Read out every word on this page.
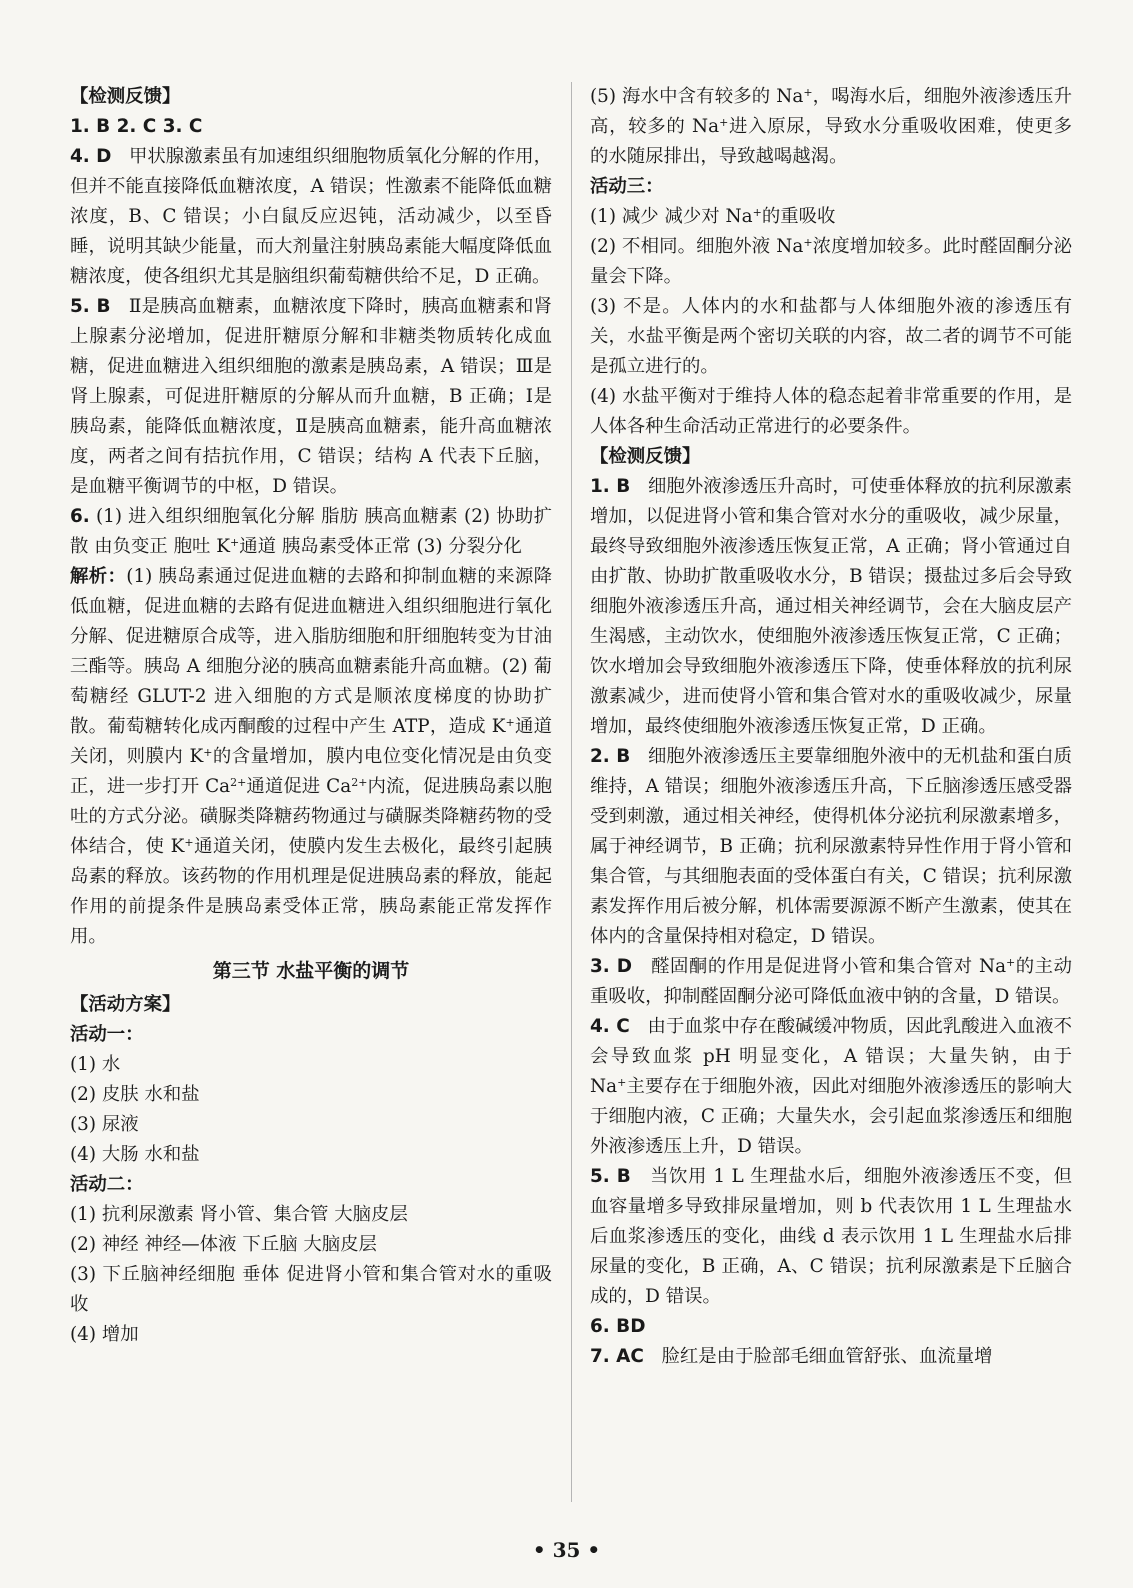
【检测反馈】

1. B 2. C 3. C

4. D 甲状腺激素虽有加速组织细胞物质氧化分解的作用，但并不能直接降低血糖浓度，A 错误；性激素不能降低血糖浓度，B、C 错误；小白鼠反应迟钝，活动减少，以至昏睡，说明其缺少能量，而大剂量注射胰岛素能大幅度降低血糖浓度，使各组织尤其是脑组织葡萄糖供给不足，D 正确。

5. B Ⅱ是胰高血糖素，血糖浓度下降时，胰高血糖素和肾上腺素分泌增加，促进肝糖原分解和非糖类物质转化成血糖，促进血糖进入组织细胞的激素是胰岛素，A 错误；Ⅲ是肾上腺素，可促进肝糖原的分解从而升血糖，B 正确；Ⅰ是胰岛素，能降低血糖浓度，Ⅱ是胰高血糖素，能升高血糖浓度，两者之间有拮抗作用，C 错误；结构 A 代表下丘脑，是血糖平衡调节的中枢，D 错误。

6. (1) 进入组织细胞氧化分解 脂肪 胰高血糖素 (2) 协助扩散 由负变正 胞吐 K+通道 胰岛素受体正常 (3) 分裂分化

解析：(1) 胰岛素通过促进血糖的去路和抑制血糖的来源降低血糖，促进血糖的去路有促进血糖进入组织细胞进行氧化分解、促进糖原合成等，进入脂肪细胞和肝细胞转变为甘油三酯等。胰岛 A 细胞分泌的胰高血糖素能升高血糖。(2) 葡萄糖经 GLUT-2 进入细胞的方式是顺浓度梯度的协助扩散。葡萄糖转化成丙酮酸的过程中产生 ATP，造成 K+通道关闭，则膜内 K+的含量增加，膜内电位变化情况是由负变正，进一步打开 $Ca^{2+}$通道促进 $Ca^{2+}$内流，促进胰岛素以胞吐的方式分泌。磺脲类降糖药物通过与磺脲类降糖药物的受体结合，使 K+通道关闭，使膜内发生去极化，最终引起胰岛素的释放。该药物的作用机理是促进胰岛素的释放，能起作用的前提条件是胰岛素受体正常，胰岛素能正常发挥作用。

第三节 水盐平衡的调节

【活动方案】

活动一：

(1) 水

(2) 皮肤 水和盐

(3) 尿液

(4) 大肠 水和盐

活动二：

(1) 抗利尿激素 肾小管、集合管 大脑皮层

(2) 神经 神经—体液 下丘脑 大脑皮层

(3) 下丘脑神经细胞 垂体 促进肾小管和集合管对水的重吸收

(4) 增加

(5) 海水中含有较多的 Na+，喝海水后，细胞外液渗透压升高，较多的 Na+进入原尿，导致水分重吸收困难，使更多的水随尿排出，导致越喝越渴。

活动三：

(1) 减少 减少对 Na+的重吸收

(2) 不相同。细胞外液 Na+浓度增加较多。此时醛固酮分泌量会下降。

(3) 不是。人体内的水和盐都与人体细胞外液的渗透压有关，水盐平衡是两个密切关联的内容，故二者的调节不可能是孤立进行的。

(4) 水盐平衡对于维持人体的稳态起着非常重要的作用，是人体各种生命活动正常进行的必要条件。

【检测反馈】

1. B 细胞外液渗透压升高时，可使垂体释放的抗利尿激素增加，以促进肾小管和集合管对水分的重吸收，减少尿量，最终导致细胞外液渗透压恢复正常，A 正确；肾小管通过自由扩散、协助扩散重吸收水分，B 错误；摄盐过多后会导致细胞外液渗透压升高，通过相关神经调节，会在大脑皮层产生渴感，主动饮水，使细胞外液渗透压恢复正常，C 正确；饮水增加会导致细胞外液渗透压下降，使垂体释放的抗利尿激素减少，进而使肾小管和集合管对水的重吸收减少，尿量增加，最终使细胞外液渗透压恢复正常，D 正确。

2. B 细胞外液渗透压主要靠细胞外液中的无机盐和蛋白质维持，A 错误；细胞外液渗透压升高，下丘脑渗透压感受器受到刺激，通过相关神经，使得机体分泌抗利尿激素增多，属于神经调节，B 正确；抗利尿激素特异性作用于肾小管和集合管，与其细胞表面的受体蛋白有关，C 错误；抗利尿激素发挥作用后被分解，机体需要源源不断产生激素，使其在体内的含量保持相对稳定，D 错误。

3. D 醛固酮的作用是促进肾小管和集合管对 Na+的主动重吸收，抑制醛固酮分泌可降低血液中钠的含量，D 错误。

4. C 由于血浆中存在酸碱缓冲物质，因此乳酸进入血液不会导致血浆 pH 明显变化，A 错误；大量失钠，由于 Na+主要存在于细胞外液，因此对细胞外液渗透压的影响大于细胞内液，C 正确；大量失水，会引起血浆渗透压和细胞外液渗透压上升，D 错误。

5. B 当饮用 1 L 生理盐水后，细胞外液渗透压不变，但血容量增多导致排尿量增加，则 b 代表饮用 1 L 生理盐水后血浆渗透压的变化，曲线 d 表示饮用 1 L 生理盐水后排尿量的变化，B 正确，A、C 错误；抗利尿激素是下丘脑合成的，D 错误。

6. BD

7. AC 脸红是由于脸部毛细血管舒张、血流量增

• 35 •
